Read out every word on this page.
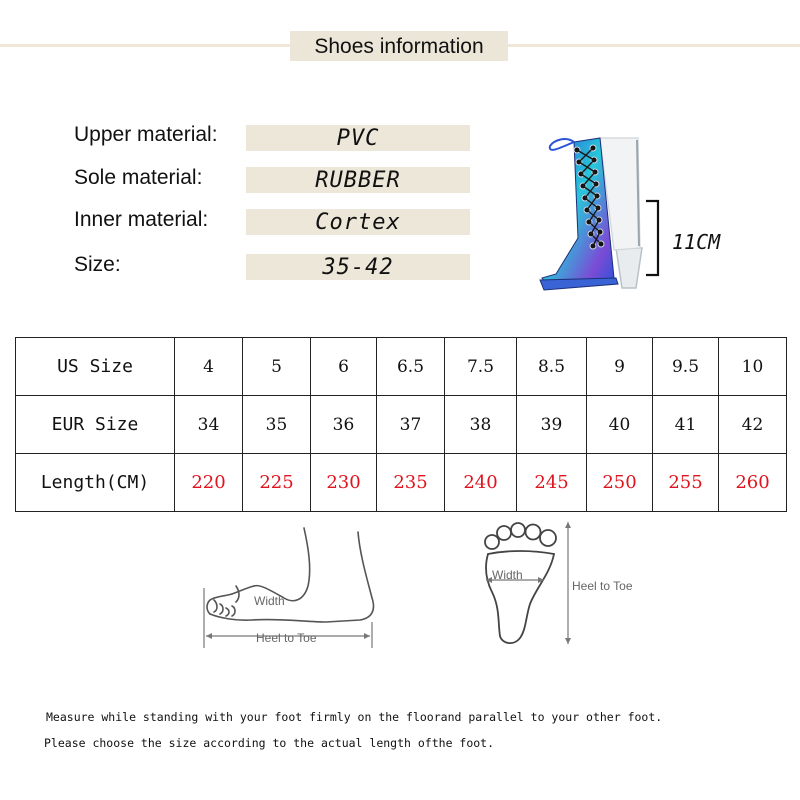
Shoes information
Upper material:	PVC
Sole material:	RUBBER
Inner material:	Cortex
Size:	35-42
11CM
US Size	4	5	6	6.5	7.5	8.5	9	9.5	10
EUR Size	34	35	36	37	38	39	40	41	42
Length(CM)	220	225	230	235	240	245	250	255	260
Width
Heel to Toe
Width
Heel to Toe
Measure while standing with your foot firmly on the floorand parallel to your other foot.
Please choose the size according to the actual length ofthe foot.
